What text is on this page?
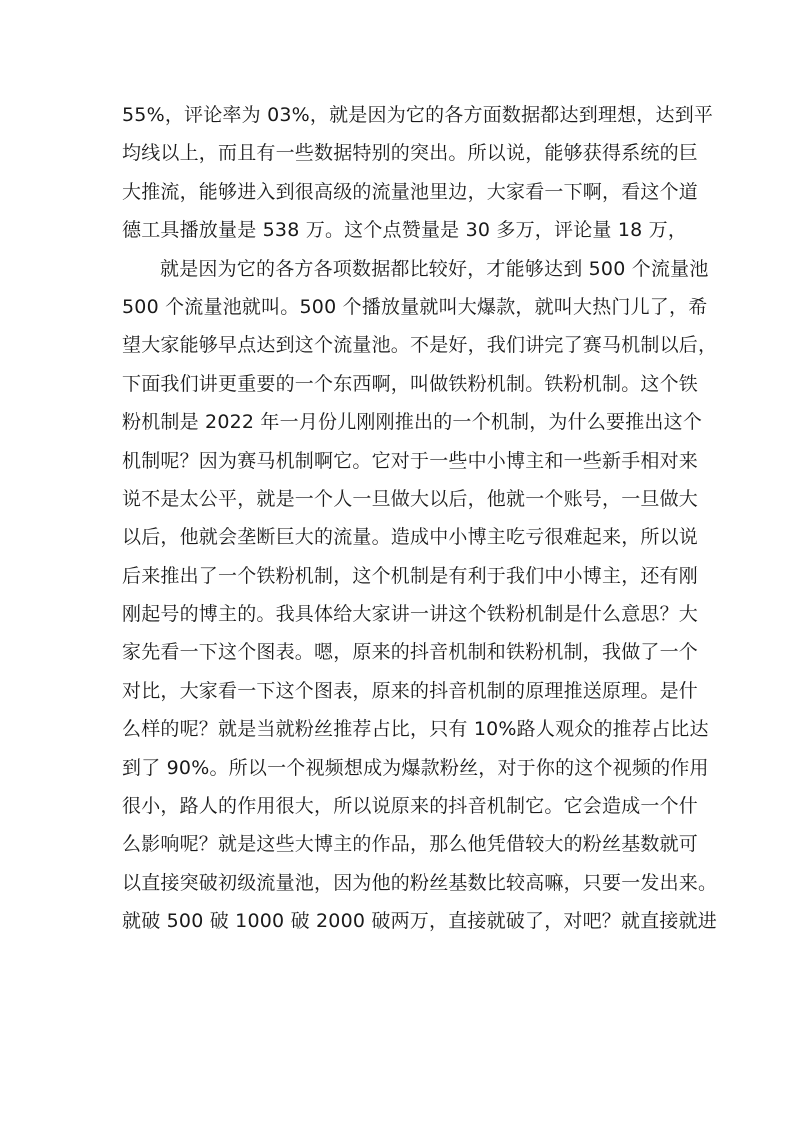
55%，评论率为 03%，就是因为它的各方面数据都达到理想，达到平
均线以上，而且有一些数据特别的突出。所以说，能够获得系统的巨
大推流，能够进入到很高级的流量池里边，大家看一下啊，看这个道
德工具播放量是 538 万。这个点赞量是 30 多万，评论量 18 万，
就是因为它的各方各项数据都比较好，才能够达到 500 个流量池
500 个流量池就叫。500 个播放量就叫大爆款，就叫大热门儿了，希
望大家能够早点达到这个流量池。不是好，我们讲完了赛马机制以后，
下面我们讲更重要的一个东西啊，叫做铁粉机制。铁粉机制。这个铁
粉机制是 2022 年一月份儿刚刚推出的一个机制，为什么要推出这个
机制呢？因为赛马机制啊它。它对于一些中小博主和一些新手相对来
说不是太公平，就是一个人一旦做大以后，他就一个账号，一旦做大
以后，他就会垄断巨大的流量。造成中小博主吃亏很难起来，所以说
后来推出了一个铁粉机制，这个机制是有利于我们中小博主，还有刚
刚起号的博主的。我具体给大家讲一讲这个铁粉机制是什么意思？大
家先看一下这个图表。嗯，原来的抖音机制和铁粉机制，我做了一个
对比，大家看一下这个图表，原来的抖音机制的原理推送原理。是什
么样的呢？就是当就粉丝推荐占比，只有 10%路人观众的推荐占比达
到了 90%。所以一个视频想成为爆款粉丝，对于你的这个视频的作用
很小，路人的作用很大，所以说原来的抖音机制它。它会造成一个什
么影响呢？就是这些大博主的作品，那么他凭借较大的粉丝基数就可
以直接突破初级流量池，因为他的粉丝基数比较高嘛，只要一发出来。
就破 500 破 1000 破 2000 破两万，直接就破了，对吧？就直接就进
